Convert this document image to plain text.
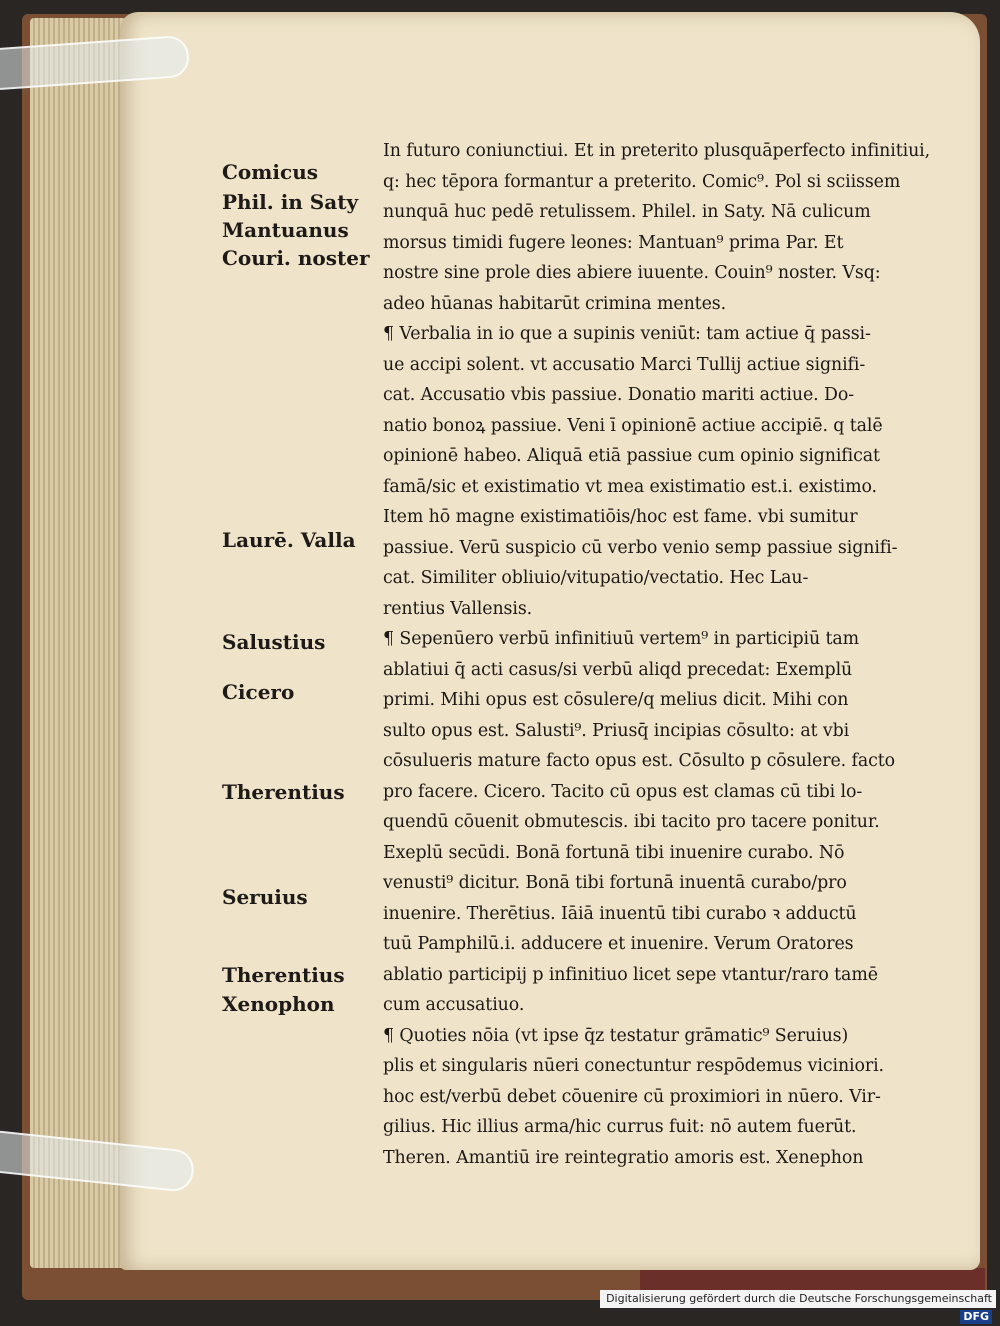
Comicus
Phil. in Saty
Mantuanus
Couri. noster
Laurē. Valla
Salustius
Cicero
Therentius
Seruius
Therentius
Xenophon
In futuro coniunctiui. Et in preterito plusquāperfecto infinitiui,
q: hec tēpora formantur a preterito. Comic⁹. Pol si sciissem
nunquā huc pedē retulissem. Philel. in Saty. Nā culicum
morsus timidi fugere leones: Mantuan⁹ prima Par. Et
nostre sine prole dies abiere iuuente. Couin⁹ noster. Vsq:
adeo hūanas habitarūt crimina mentes.
¶ Verbalia in io que a supinis veniūt: tam actiue q̄ passi-
ue accipi solent. vt accusatio Marci Tullij actiue signifi-
cat. Accusatio vbis passiue. Donatio mariti actiue. Do-
natio bonoꝝ passiue. Veni ī opinionē actiue accipiē. q talē
opinionē habeo. Aliquā etiā passiue cum opinio significat
famā/sic et existimatio vt mea existimatio est.i. existimo.
Item hō magne existimatiōis/hoc est fame. vbi sumitur
passiue. Verū suspicio cū verbo venio semp passiue signifi-
cat. Similiter obliuio/vitupatio/vectatio. Hec Lau-
rentius Vallensis.
¶ Sepenūero verbū infinitiuū vertem⁹ in participiū tam
ablatiui q̄ acti casus/si verbū aliqd precedat: Exemplū
primi. Mihi opus est cōsulere/q melius dicit. Mihi con
sulto opus est. Salusti⁹. Priusq̄ incipias cōsulto: at vbi
cōsulueris mature facto opus est. Cōsulto p cōsulere. facto
pro facere. Cicero. Tacito cū opus est clamas cū tibi lo-
quendū cōuenit obmutescis. ibi tacito pro tacere ponitur.
Exeplū secūdi. Bonā fortunā tibi inuenire curabo. Nō
venusti⁹ dicitur. Bonā tibi fortunā inuentā curabo/pro
inuenire. Therētius. Iāiā inuentū tibi curabo ꝛ adductū
tuū Pamphilū.i. adducere et inuenire. Verum Oratores
ablatio participij p infinitiuo licet sepe vtantur/raro tamē
cum accusatiuo.
¶ Quoties nōia (vt ipse q̄z testatur grāmatic⁹ Seruius)
plis et singularis nūeri conectuntur respōdemus viciniori.
hoc est/verbū debet cōuenire cū proximiori in nūero. Vir-
gilius. Hic illius arma/hic currus fuit: nō autem fuerūt.
Theren. Amantiū ire reintegratio amoris est. Xenephon
Digitalisierung gefördert durch die Deutsche Forschungsgemeinschaft DFG
